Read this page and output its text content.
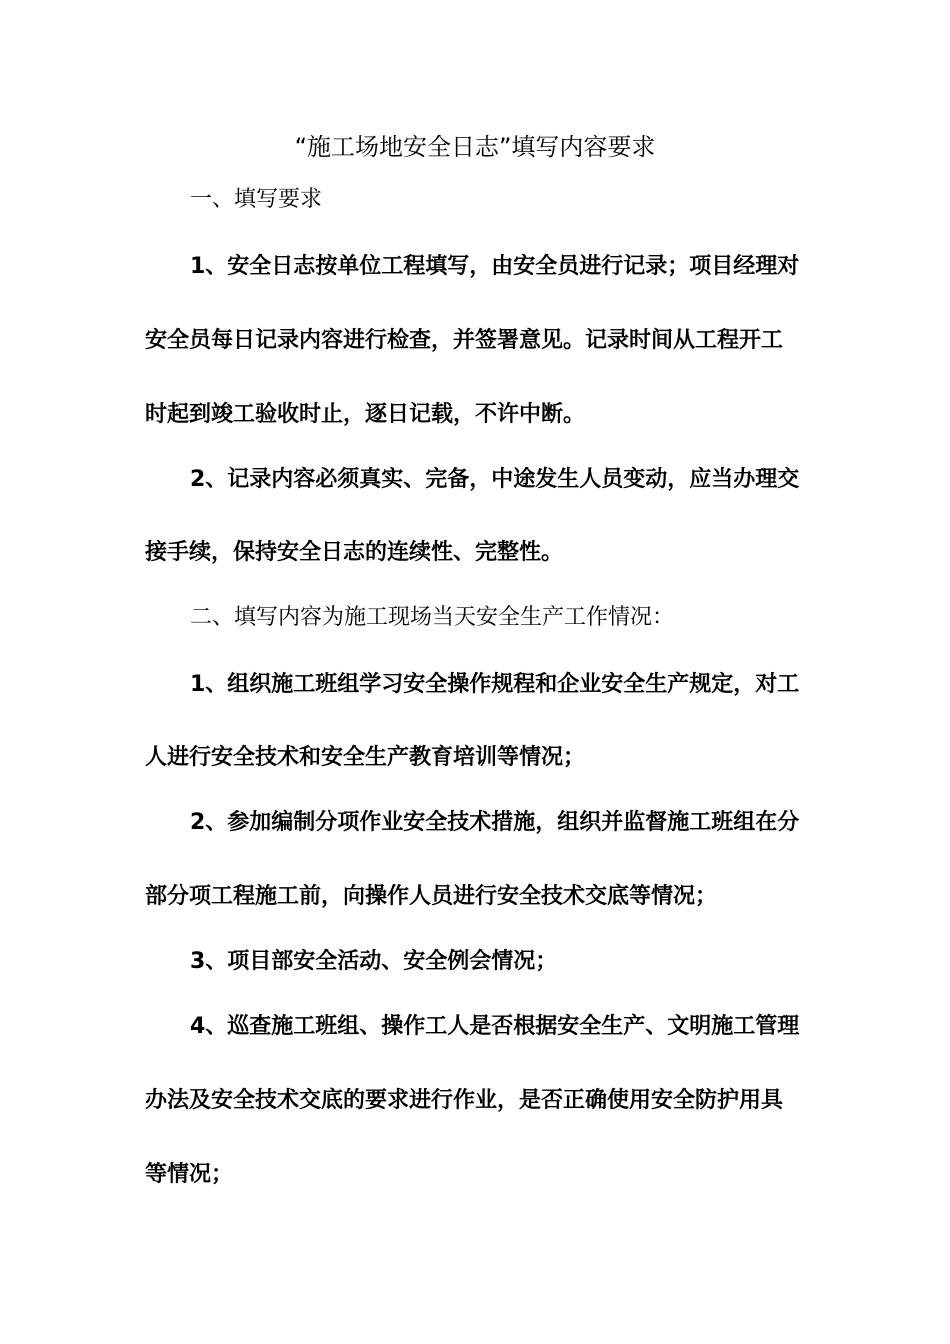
“施工场地安全日志”填写内容要求
一、填写要求
1、安全日志按单位工程填写，由安全员进行记录；项目经理对
安全员每日记录内容进行检查，并签署意见。记录时间从工程开工
时起到竣工验收时止，逐日记载，不许中断。
2、记录内容必须真实、完备，中途发生人员变动，应当办理交
接手续，保持安全日志的连续性、完整性。
二、填写内容为施工现场当天安全生产工作情况：
1、组织施工班组学习安全操作规程和企业安全生产规定，对工
人进行安全技术和安全生产教育培训等情况；
2、参加编制分项作业安全技术措施，组织并监督施工班组在分
部分项工程施工前，向操作人员进行安全技术交底等情况；
3、项目部安全活动、安全例会情况；
4、巡查施工班组、操作工人是否根据安全生产、文明施工管理
办法及安全技术交底的要求进行作业，是否正确使用安全防护用具
等情况；
